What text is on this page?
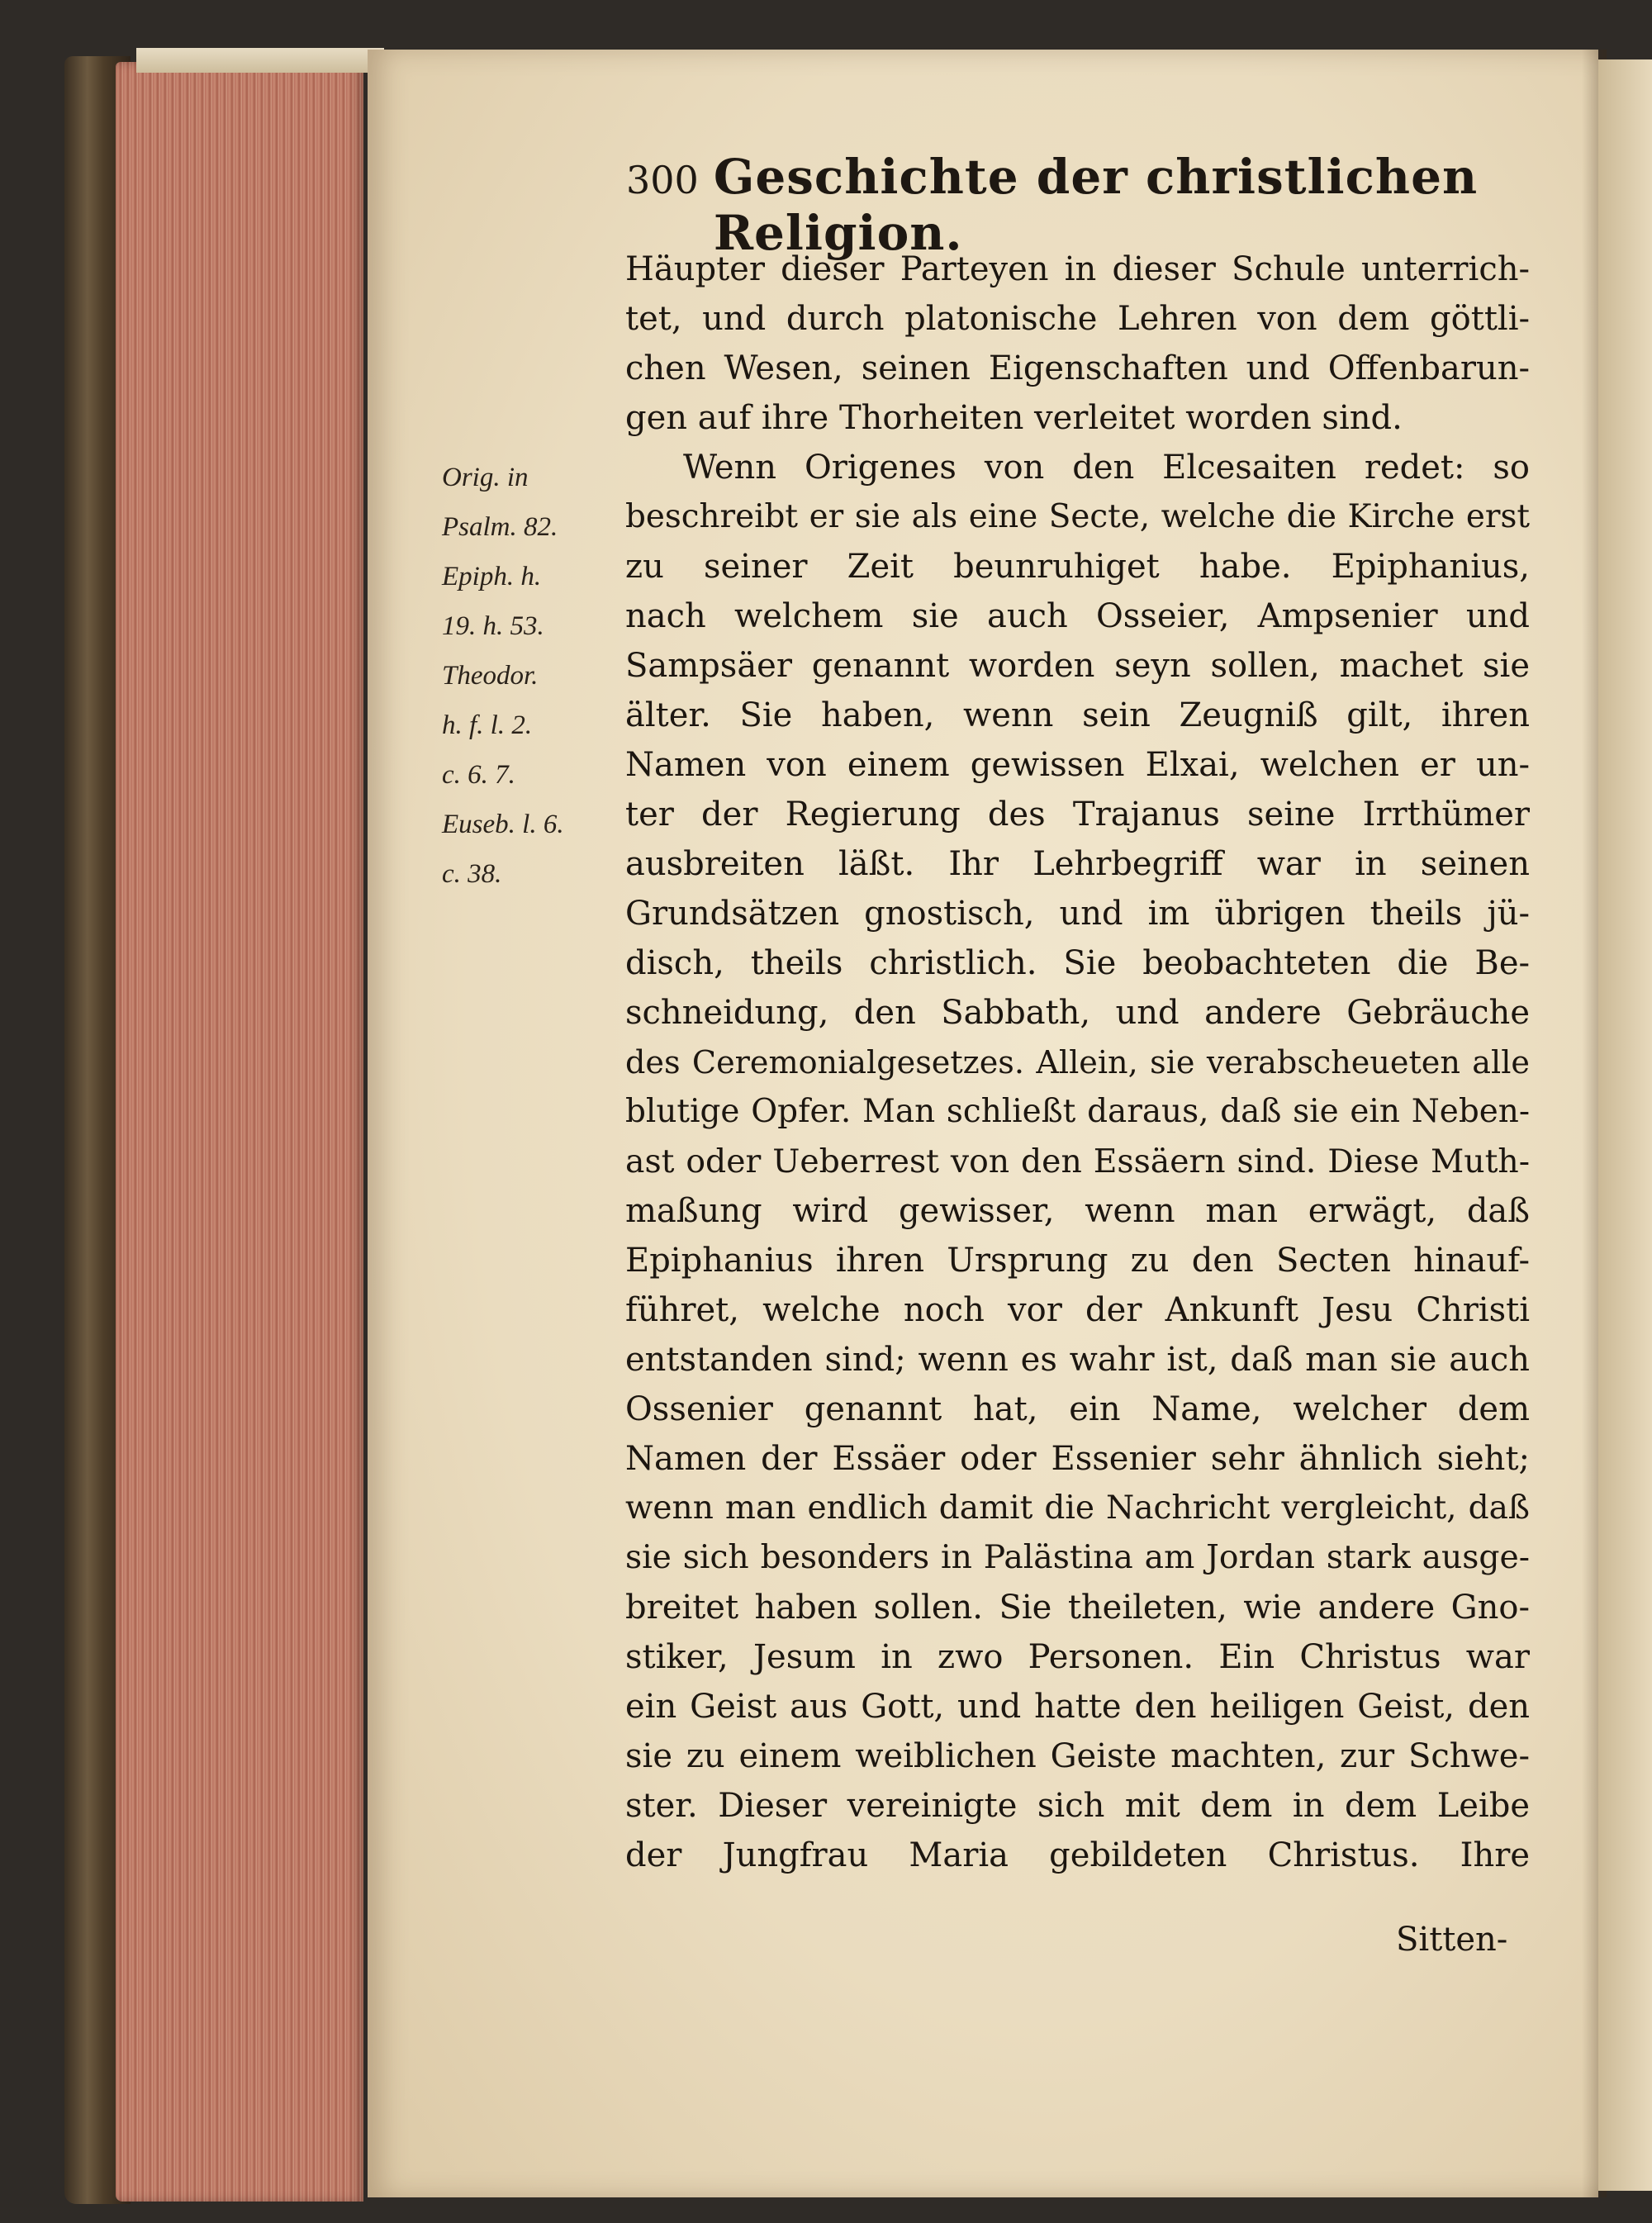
300 Geschichte der christlichen Religion.
Orig. in
Psalm. 82.
Epiph. h.
19. h. 53.
Theodor.
h. f. l. 2.
c. 6. 7.
Euseb. l. 6.
c. 38.
Häupter dieser Parteyen in dieser Schule unterrich-
tet, und durch platonische Lehren von dem göttli-
chen Wesen, seinen Eigenschaften und Offenbarun-
gen auf ihre Thorheiten verleitet worden sind.
Wenn Origenes von den Elcesaiten redet: so
beschreibt er sie als eine Secte, welche die Kirche erst
zu seiner Zeit beunruhiget habe. Epiphanius,
nach welchem sie auch Osseier, Ampsenier und
Sampsäer genannt worden seyn sollen, machet sie
älter. Sie haben, wenn sein Zeugniß gilt, ihren
Namen von einem gewissen Elxai, welchen er un-
ter der Regierung des Trajanus seine Irrthümer
ausbreiten läßt. Ihr Lehrbegriff war in seinen
Grundsätzen gnostisch, und im übrigen theils jü-
disch, theils christlich. Sie beobachteten die Be-
schneidung, den Sabbath, und andere Gebräuche
des Ceremonialgesetzes. Allein, sie verabscheueten alle
blutige Opfer. Man schließt daraus, daß sie ein Neben-
ast oder Ueberrest von den Essäern sind. Diese Muth-
maßung wird gewisser, wenn man erwägt, daß
Epiphanius ihren Ursprung zu den Secten hinauf-
führet, welche noch vor der Ankunft Jesu Christi
entstanden sind; wenn es wahr ist, daß man sie auch
Ossenier genannt hat, ein Name, welcher dem
Namen der Essäer oder Essenier sehr ähnlich sieht;
wenn man endlich damit die Nachricht vergleicht, daß
sie sich besonders in Palästina am Jordan stark ausge-
breitet haben sollen. Sie theileten, wie andere Gno-
stiker, Jesum in zwo Personen. Ein Christus war
ein Geist aus Gott, und hatte den heiligen Geist, den
sie zu einem weiblichen Geiste machten, zur Schwe-
ster. Dieser vereinigte sich mit dem in dem Leibe
der Jungfrau Maria gebildeten Christus. Ihre
Sitten-
